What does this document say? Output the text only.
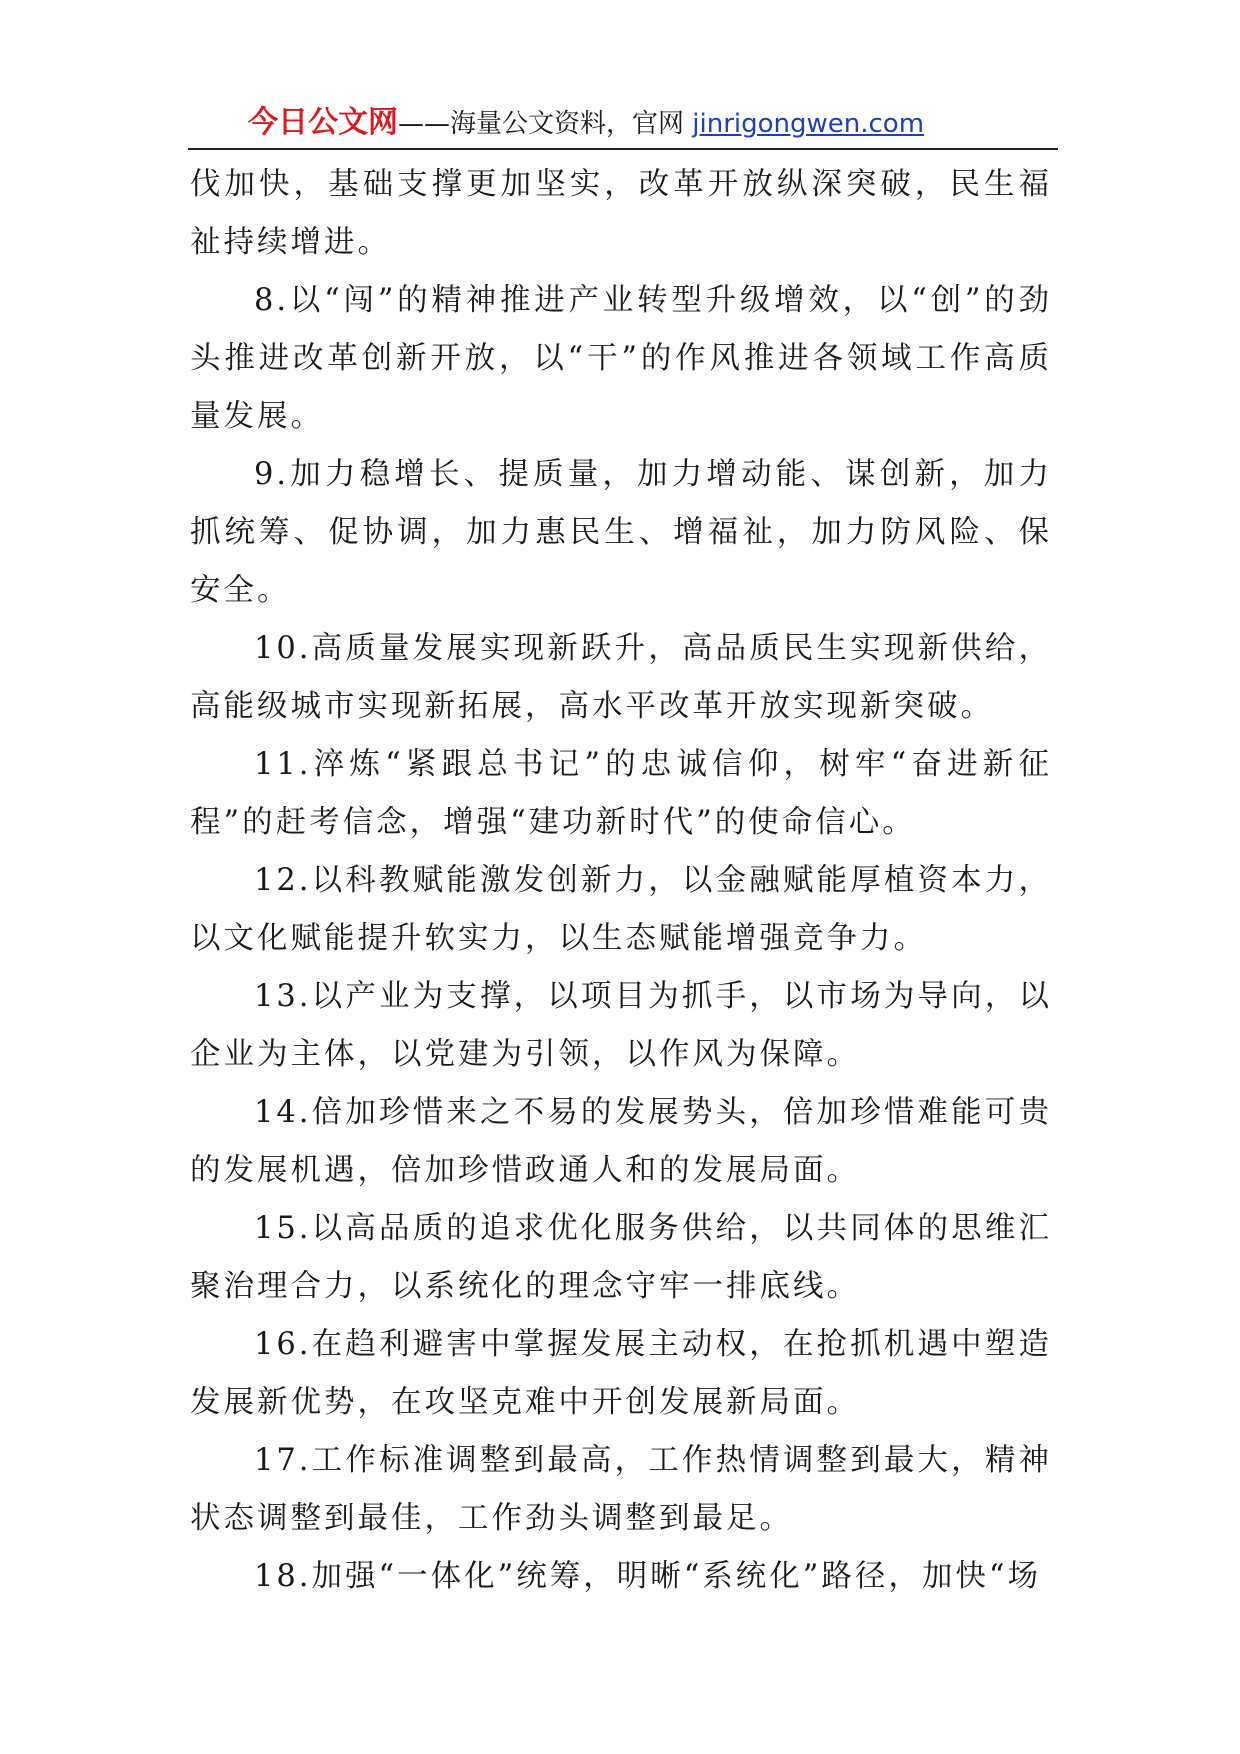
今日公文网——海量公文资料，官网 jinrigongwen.com

伐加快，基础支撑更加坚实，改革开放纵深突破，民生福祉持续增进。

8.以“闯”的精神推进产业转型升级增效，以“创”的劲头推进改革创新开放，以“干”的作风推进各领域工作高质量发展。

9.加力稳增长、提质量，加力增动能、谋创新，加力抓统筹、促协调，加力惠民生、增福祉，加力防风险、保安全。

10.高质量发展实现新跃升，高品质民生实现新供给，高能级城市实现新拓展，高水平改革开放实现新突破。

11.淬炼“紧跟总书记”的忠诚信仰，树牢“奋进新征程”的赶考信念，增强“建功新时代”的使命信心。

12.以科教赋能激发创新力，以金融赋能厚植资本力，以文化赋能提升软实力，以生态赋能增强竞争力。

13.以产业为支撑，以项目为抓手，以市场为导向，以企业为主体，以党建为引领，以作风为保障。

14.倍加珍惜来之不易的发展势头，倍加珍惜难能可贵的发展机遇，倍加珍惜政通人和的发展局面。

15.以高品质的追求优化服务供给，以共同体的思维汇聚治理合力，以系统化的理念守牢一排底线。

16.在趋利避害中掌握发展主动权，在抢抓机遇中塑造发展新优势，在攻坚克难中开创发展新局面。

17.工作标准调整到最高，工作热情调整到最大，精神状态调整到最佳，工作劲头调整到最足。

18.加强“一体化”统筹，明晰“系统化”路径，加快“场
